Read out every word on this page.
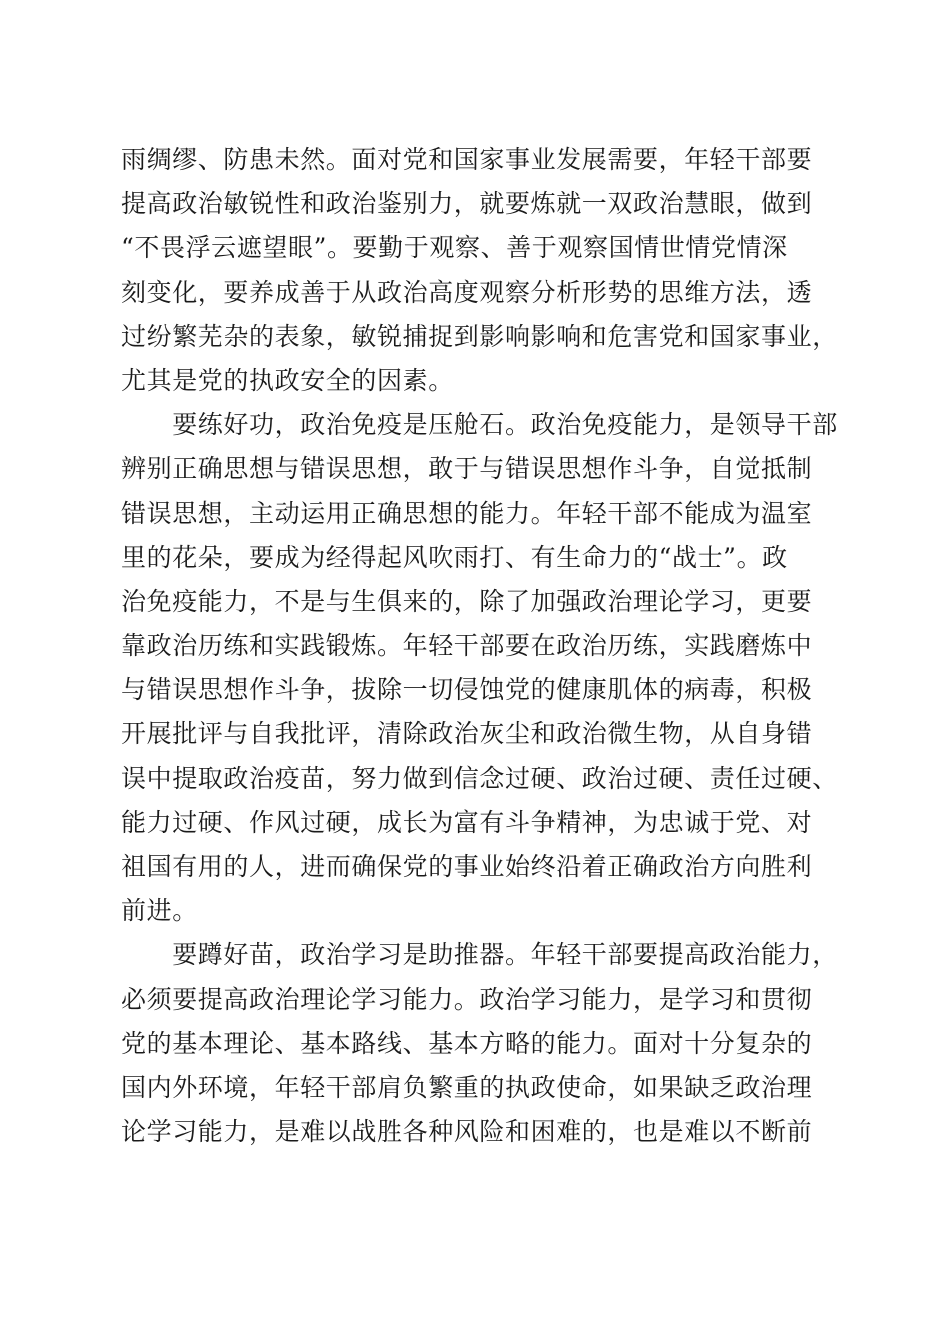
雨绸缪、防患未然。面对党和国家事业发展需要，年轻干部要
提高政治敏锐性和政治鉴别力，就要炼就一双政治慧眼，做到
“不畏浮云遮望眼”。要勤于观察、善于观察国情世情党情深
刻变化，要养成善于从政治高度观察分析形势的思维方法，透
过纷繁芜杂的表象，敏锐捕捉到影响影响和危害党和国家事业，
尤其是党的执政安全的因素。
　　要练好功，政治免疫是压舱石。政治免疫能力，是领导干部
辨别正确思想与错误思想，敢于与错误思想作斗争，自觉抵制
错误思想，主动运用正确思想的能力。年轻干部不能成为温室
里的花朵，要成为经得起风吹雨打、有生命力的“战士”。政
治免疫能力，不是与生俱来的，除了加强政治理论学习，更要
靠政治历练和实践锻炼。年轻干部要在政治历练，实践磨炼中
与错误思想作斗争，拔除一切侵蚀党的健康肌体的病毒，积极
开展批评与自我批评，清除政治灰尘和政治微生物，从自身错
误中提取政治疫苗，努力做到信念过硬、政治过硬、责任过硬、
能力过硬、作风过硬，成长为富有斗争精神，为忠诚于党、对
祖国有用的人，进而确保党的事业始终沿着正确政治方向胜利
前进。
　　要蹲好苗，政治学习是助推器。年轻干部要提高政治能力，
必须要提高政治理论学习能力。政治学习能力，是学习和贯彻
党的基本理论、基本路线、基本方略的能力。面对十分复杂的
国内外环境，年轻干部肩负繁重的执政使命，如果缺乏政治理
论学习能力，是难以战胜各种风险和困难的，也是难以不断前
